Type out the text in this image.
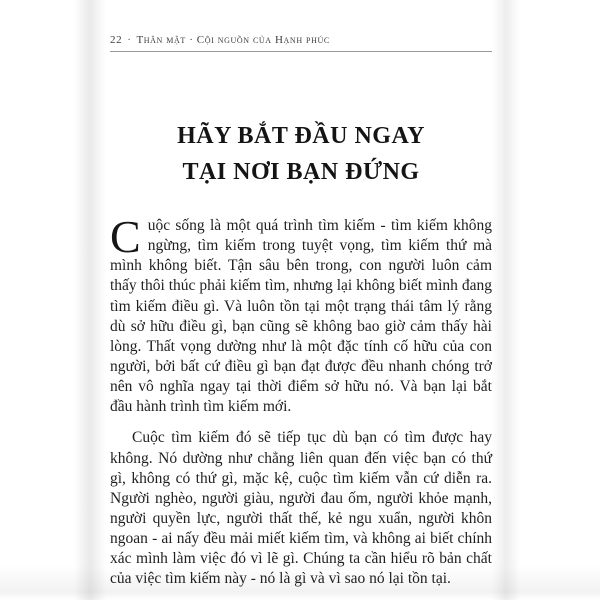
22 · Thân mật · Cội nguồn của Hạnh phúc
HÃY BẮT ĐẦU NGAY
TẠI NƠI BẠN ĐỨNG

Cuộc sống là một quá trình tìm kiếm - tìm kiếm không ngừng, tìm kiếm trong tuyệt vọng, tìm kiếm thứ mà mình không biết. Tận sâu bên trong, con người luôn cảm thấy thôi thúc phải kiếm tìm, nhưng lại không biết mình đang tìm kiếm điều gì. Và luôn tồn tại một trạng thái tâm lý rằng dù sở hữu điều gì, bạn cũng sẽ không bao giờ cảm thấy hài lòng. Thất vọng dường như là một đặc tính cố hữu của con người, bởi bất cứ điều gì bạn đạt được đều nhanh chóng trở nên vô nghĩa ngay tại thời điểm sở hữu nó. Và bạn lại bắt đầu hành trình tìm kiếm mới.

Cuộc tìm kiếm đó sẽ tiếp tục dù bạn có tìm được hay không. Nó dường như chẳng liên quan đến việc bạn có thứ gì, không có thứ gì, mặc kệ, cuộc tìm kiếm vẫn cứ diễn ra. Người nghèo, người giàu, người đau ốm, người khỏe mạnh, người quyền lực, người thất thế, kẻ ngu xuẩn, người khôn ngoan - ai nấy đều mải miết kiếm tìm, và không ai biết chính xác mình làm việc đó vì lẽ gì. Chúng ta cần hiểu rõ bản chất của việc tìm kiếm này - nó là gì và vì sao nó lại tồn tại.
